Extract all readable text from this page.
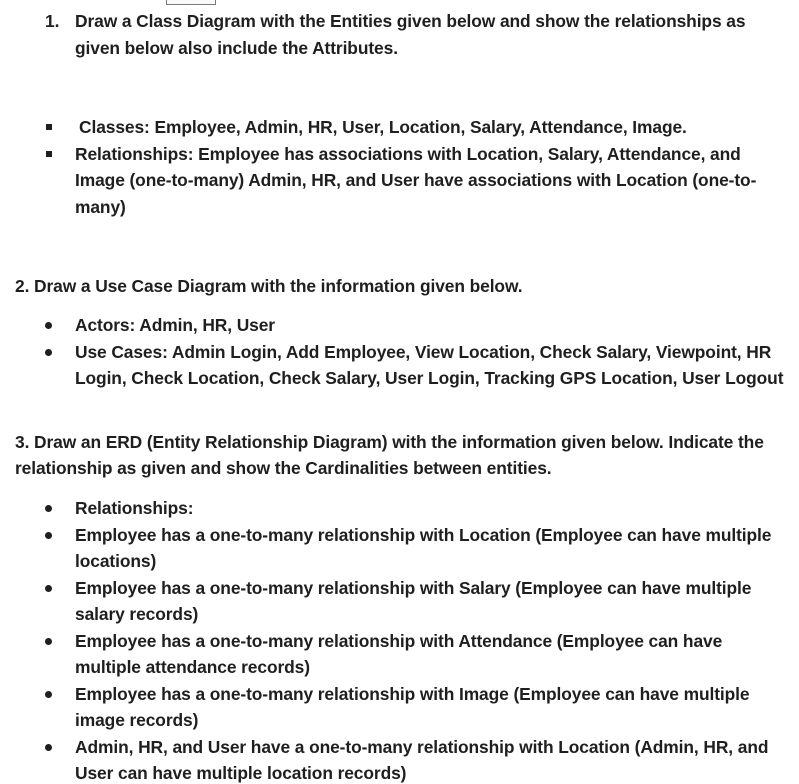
1. Draw a Class Diagram with the Entities given below and show the relationships as
given below also include the Attributes.
Classes: Employee, Admin, HR, User, Location, Salary, Attendance, Image.
Relationships: Employee has associations with Location, Salary, Attendance, and
Image (one-to-many) Admin, HR, and User have associations with Location (one-to-
many)
2. Draw a Use Case Diagram with the information given below.
Actors: Admin, HR, User
Use Cases: Admin Login, Add Employee, View Location, Check Salary, Viewpoint, HR
Login, Check Location, Check Salary, User Login, Tracking GPS Location, User Logout
3. Draw an ERD (Entity Relationship Diagram) with the information given below. Indicate the
relationship as given and show the Cardinalities between entities.
Relationships:
Employee has a one-to-many relationship with Location (Employee can have multiple
locations)
Employee has a one-to-many relationship with Salary (Employee can have multiple
salary records)
Employee has a one-to-many relationship with Attendance (Employee can have
multiple attendance records)
Employee has a one-to-many relationship with Image (Employee can have multiple
image records)
Admin, HR, and User have a one-to-many relationship with Location (Admin, HR, and
User can have multiple location records)
